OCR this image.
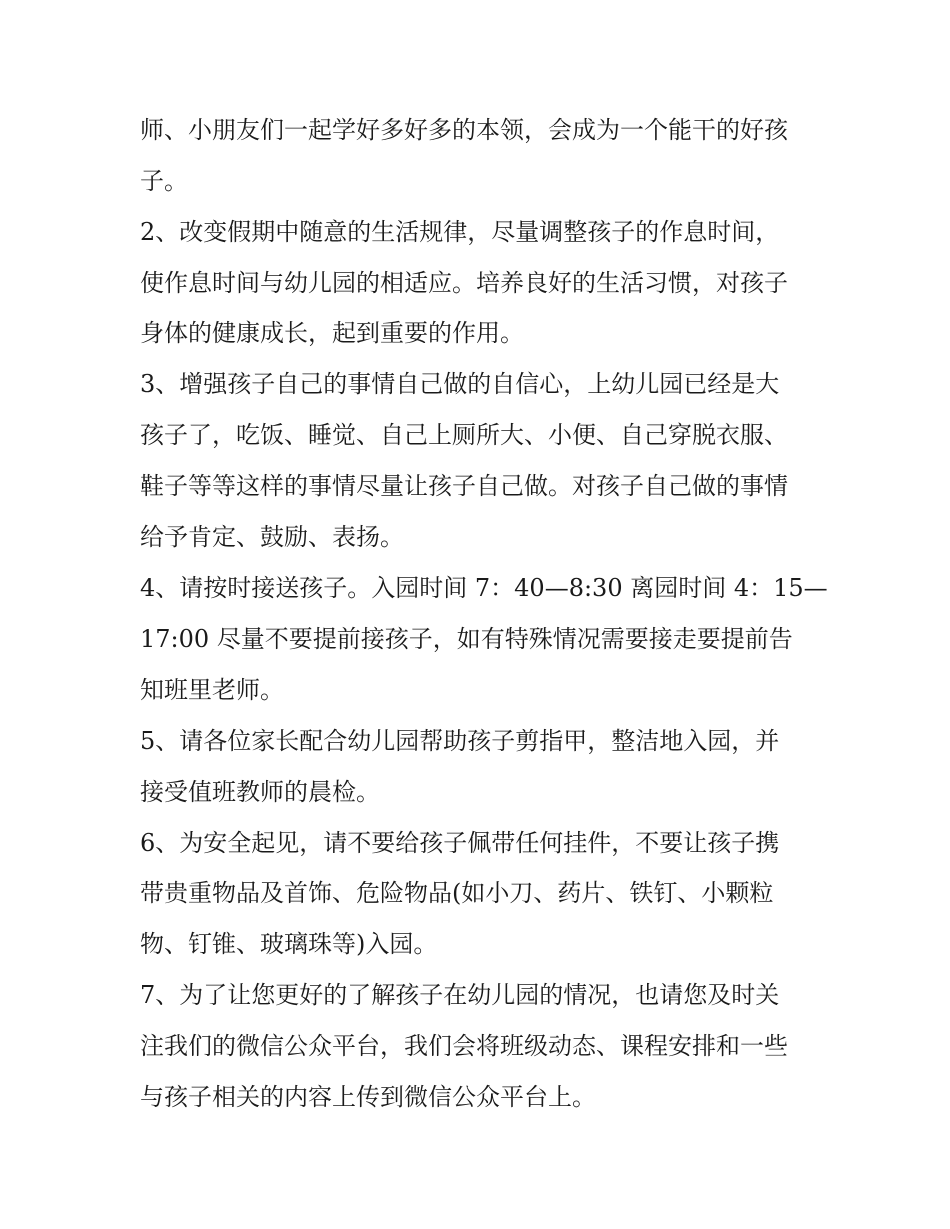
师、小朋友们一起学好多好多的本领，会成为一个能干的好孩
子。
2、改变假期中随意的生活规律，尽量调整孩子的作息时间，
使作息时间与幼儿园的相适应。培养良好的生活习惯，对孩子
身体的健康成长，起到重要的作用。
3、增强孩子自己的事情自己做的自信心，上幼儿园已经是大
孩子了，吃饭、睡觉、自己上厕所大、小便、自己穿脱衣服、
鞋子等等这样的事情尽量让孩子自己做。对孩子自己做的事情
给予肯定、鼓励、表扬。
4、请按时接送孩子。入园时间 7：40—8:30 离园时间 4：15—
17:00 尽量不要提前接孩子，如有特殊情况需要接走要提前告
知班里老师。
5、请各位家长配合幼儿园帮助孩子剪指甲，整洁地入园，并
接受值班教师的晨检。
6、为安全起见，请不要给孩子佩带任何挂件，不要让孩子携
带贵重物品及首饰、危险物品(如小刀、药片、铁钉、小颗粒
物、钉锥、玻璃珠等)入园。
7、为了让您更好的了解孩子在幼儿园的情况，也请您及时关
注我们的微信公众平台，我们会将班级动态、课程安排和一些
与孩子相关的内容上传到微信公众平台上。
